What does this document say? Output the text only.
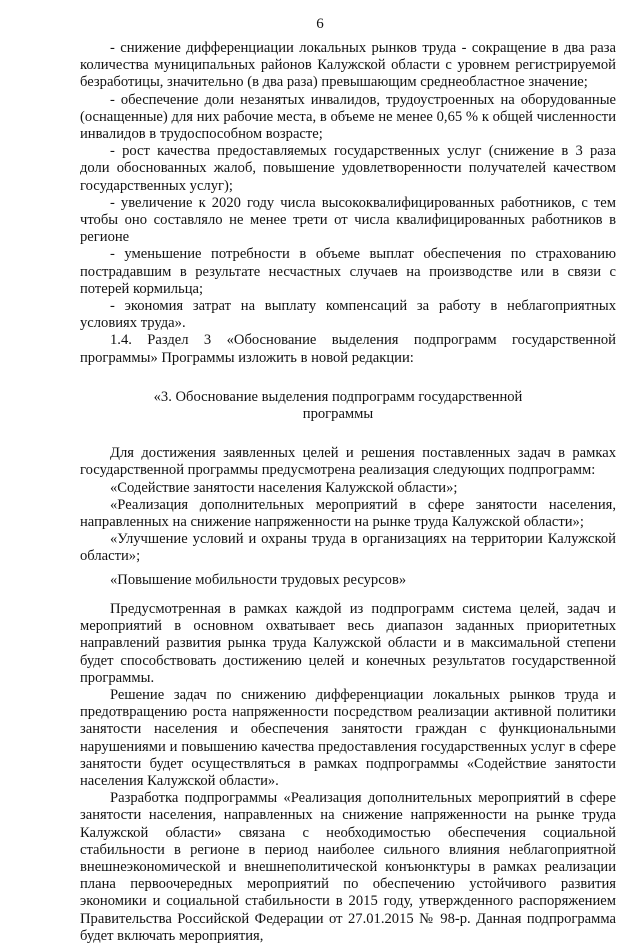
6

- снижение дифференциации локальных рынков труда - сокращение в два раза количества муниципальных районов Калужской области с уровнем регистрируемой безработицы, значительно (в два раза) превышающим среднеобластное значение;

- обеспечение доли незанятых инвалидов, трудоустроенных на оборудованные (оснащенные) для них рабочие места, в объеме не менее 0,65 % к общей численности инвалидов в трудоспособном возрасте;

- рост качества предоставляемых государственных услуг (снижение в 3 раза доли обоснованных жалоб, повышение удовлетворенности получателей качеством государственных услуг);

- увеличение к 2020 году числа высококвалифицированных работников, с тем чтобы оно составляло не менее трети от числа квалифицированных работников в регионе

- уменьшение потребности в объеме выплат обеспечения по страхованию пострадавшим в результате несчастных случаев на производстве или в связи с потерей кормильца;

- экономия затрат на выплату компенсаций за работу в неблагоприятных условиях труда».

1.4. Раздел 3 «Обоснование выделения подпрограмм государственной программы» Программы изложить в новой редакции:

«3. Обоснование выделения подпрограмм государственной
программы

Для достижения заявленных целей и решения поставленных задач в рамках государственной программы предусмотрена реализация следующих подпрограмм:

«Содействие занятости населения Калужской области»;

«Реализация дополнительных мероприятий в сфере занятости населения, направленных на снижение напряженности на рынке труда Калужской области»;

«Улучшение условий и охраны труда в организациях на территории Калужской области»;

«Повышение мобильности трудовых ресурсов»

Предусмотренная в рамках каждой из подпрограмм система целей, задач и мероприятий в основном охватывает весь диапазон заданных приоритетных направлений развития рынка труда Калужской области и в максимальной степени будет способствовать достижению целей и конечных результатов государственной программы.

Решение задач по снижению дифференциации локальных рынков труда и предотвращению роста напряженности посредством реализации активной политики занятости населения и обеспечения занятости граждан с функциональными нарушениями и повышению качества предоставления государственных услуг в сфере занятости будет осуществляться в рамках подпрограммы «Содействие занятости населения Калужской области».

Разработка подпрограммы «Реализация дополнительных мероприятий в сфере занятости населения, направленных на снижение напряженности на рынке труда Калужской области» связана с необходимостью обеспечения социальной стабильности в регионе в период наиболее сильного влияния неблагоприятной внешнеэкономической и внешнеполитической конъюнктуры в рамках реализации плана первоочередных мероприятий по обеспечению устойчивого развития экономики и социальной стабильности в 2015 году, утвержденного распоряжением Правительства Российской Федерации от 27.01.2015 № 98-р. Данная подпрограмма будет включать мероприятия,
